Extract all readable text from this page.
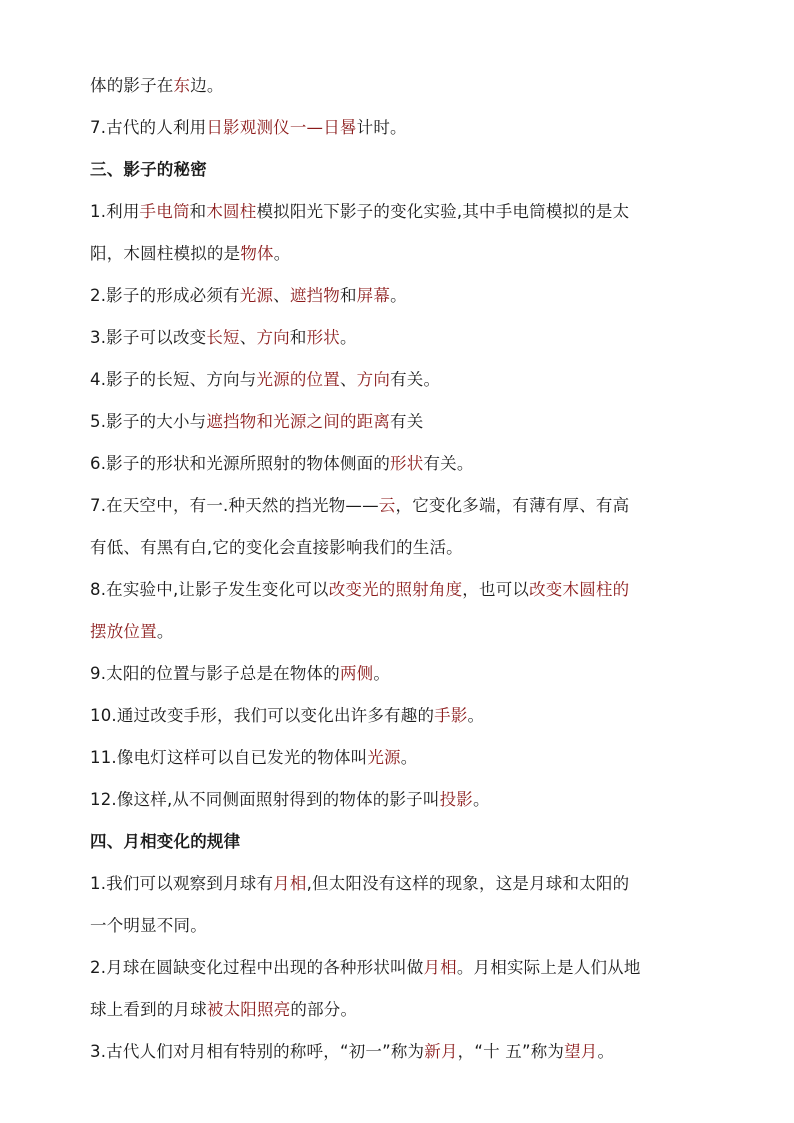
体的影子在东边。
7.古代的人利用日影观测仪一—日晷计时。
三、影子的秘密
1.利用手电筒和木圆柱模拟阳光下影子的变化实验,其中手电筒模拟的是太
阳，木圆柱模拟的是物体。
2.影子的形成必须有光源、遮挡物和屏幕。
3.影子可以改变长短、方向和形状。
4.影子的长短、方向与光源的位置、方向有关。
5.影子的大小与遮挡物和光源之间的距离有关
6.影子的形状和光源所照射的物体侧面的形状有关。
7.在天空中，有一.种天然的挡光物——云，它变化多端，有薄有厚、有高
有低、有黑有白,它的变化会直接影响我们的生活。
8.在实验中,让影子发生变化可以改变光的照射角度，也可以改变木圆柱的
摆放位置。
9.太阳的位置与影子总是在物体的两侧。
10.通过改变手形，我们可以变化出许多有趣的手影。
11.像电灯这样可以自已发光的物体叫光源。
12.像这样,从不同侧面照射得到的物体的影子叫投影。
四、月相变化的规律
1.我们可以观察到月球有月相,但太阳没有这样的现象，这是月球和太阳的
一个明显不同。
2.月球在圆缺变化过程中出现的各种形状叫做月相。月相实际上是人们从地
球上看到的月球被太阳照亮的部分。
3.古代人们对月相有特别的称呼，“初一”称为新月，“十 五”称为望月。
